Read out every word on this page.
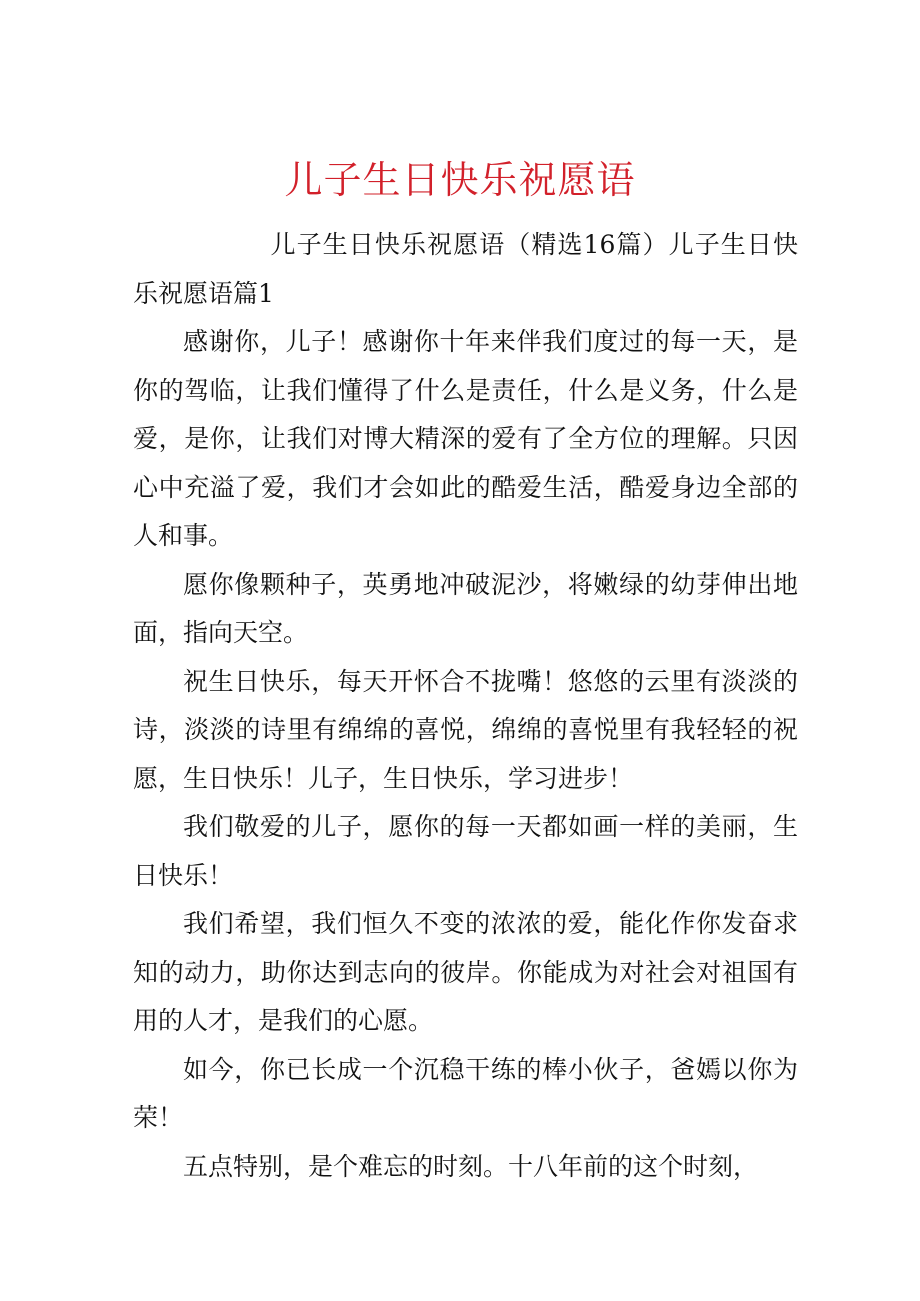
儿子生日快乐祝愿语

儿子生日快乐祝愿语（精选16篇）儿子生日快乐祝愿语篇1

感谢你，儿子！感谢你十年来伴我们度过的每一天，是你的驾临，让我们懂得了什么是责任，什么是义务，什么是爱，是你，让我们对博大精深的爱有了全方位的理解。只因心中充溢了爱，我们才会如此的酷爱生活，酷爱身边全部的人和事。

愿你像颗种子，英勇地冲破泥沙，将嫩绿的幼芽伸出地面，指向天空。

祝生日快乐，每天开怀合不拢嘴！悠悠的云里有淡淡的诗，淡淡的诗里有绵绵的喜悦，绵绵的喜悦里有我轻轻的祝愿，生日快乐！儿子，生日快乐，学习进步！

我们敬爱的儿子，愿你的每一天都如画一样的美丽，生日快乐！

我们希望，我们恒久不变的浓浓的爱，能化作你发奋求知的动力，助你达到志向的彼岸。你能成为对社会对祖国有用的人才，是我们的心愿。

如今，你已长成一个沉稳干练的棒小伙子，爸嫣以你为荣！

五点特别，是个难忘的时刻。十八年前的这个时刻，
